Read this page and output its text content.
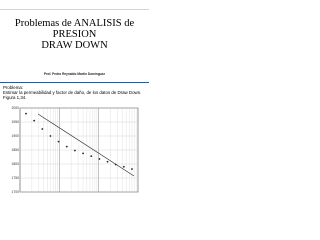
Problemas de ANALISIS de
PRESION
DRAW DOWN
Prof. Pedro Reynaldo Martín Domínguez
Problema:
Estimar la permeabilidad y factor de daño, de los datos de Draw Down. Figura 1,34.
2000
1950
1900
1850
1800
1750
1700
